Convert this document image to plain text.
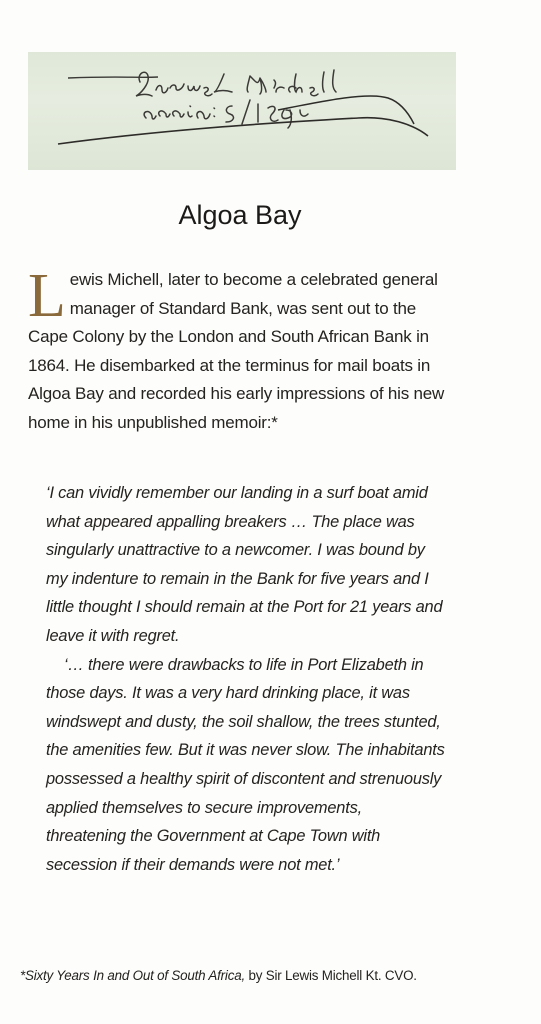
Algoa Bay
Lewis Michell, later to become a celebrated general manager of Standard Bank, was sent out to the Cape Colony by the London and South African Bank in 1864. He disembarked at the terminus for mail boats in Algoa Bay and recorded his early impressions of his new home in his unpublished memoir:*

‘I can vividly remember our landing in a surf boat amid what appeared appalling breakers … The place was singularly unattractive to a newcomer. I was bound by my indenture to remain in the Bank for five years and I little thought I should remain at the Port for 21 years and leave it with regret.

‘… there were drawbacks to life in Port Elizabeth in those days. It was a very hard drinking place, it was windswept and dusty, the soil shallow, the trees stunted, the amenities few. But it was never slow. The inhabitants possessed a healthy spirit of discontent and strenuously applied themselves to secure improvements, threatening the Government at Cape Town with secession if their demands were not met.’

*Sixty Years In and Out of South Africa, by Sir Lewis Michell Kt. CVO.
